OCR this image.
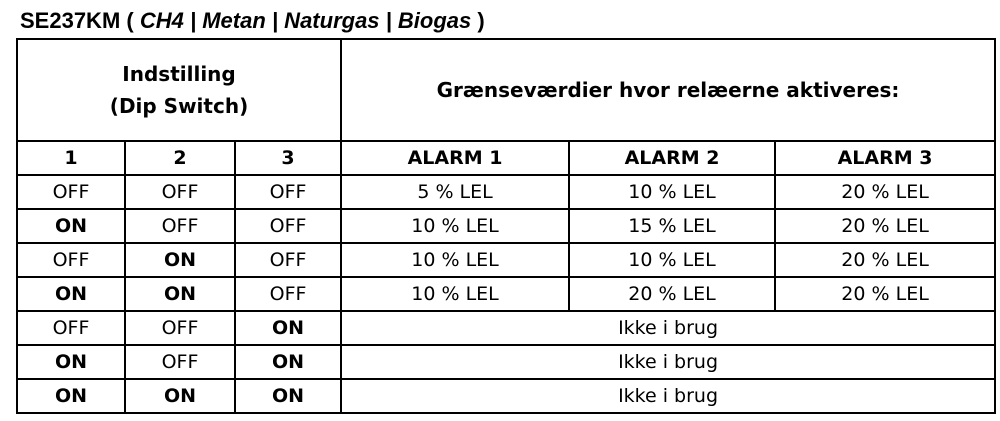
SE237KM ( CH4 | Metan | Naturgas | Biogas )
Indstilling
(Dip Switch)			Grænseværdier hvor relæerne aktiveres:		
1	2	3	ALARM 1	ALARM 2	ALARM 3
OFF	OFF	OFF	5 % LEL	10 % LEL	20 % LEL
ON	OFF	OFF	10 % LEL	15 % LEL	20 % LEL
OFF	ON	OFF	10 % LEL	10 % LEL	20 % LEL
ON	ON	OFF	10 % LEL	20 % LEL	20 % LEL
OFF	OFF	ON	Ikke i brug		
ON	OFF	ON	Ikke i brug		
ON	ON	ON	Ikke i brug		
